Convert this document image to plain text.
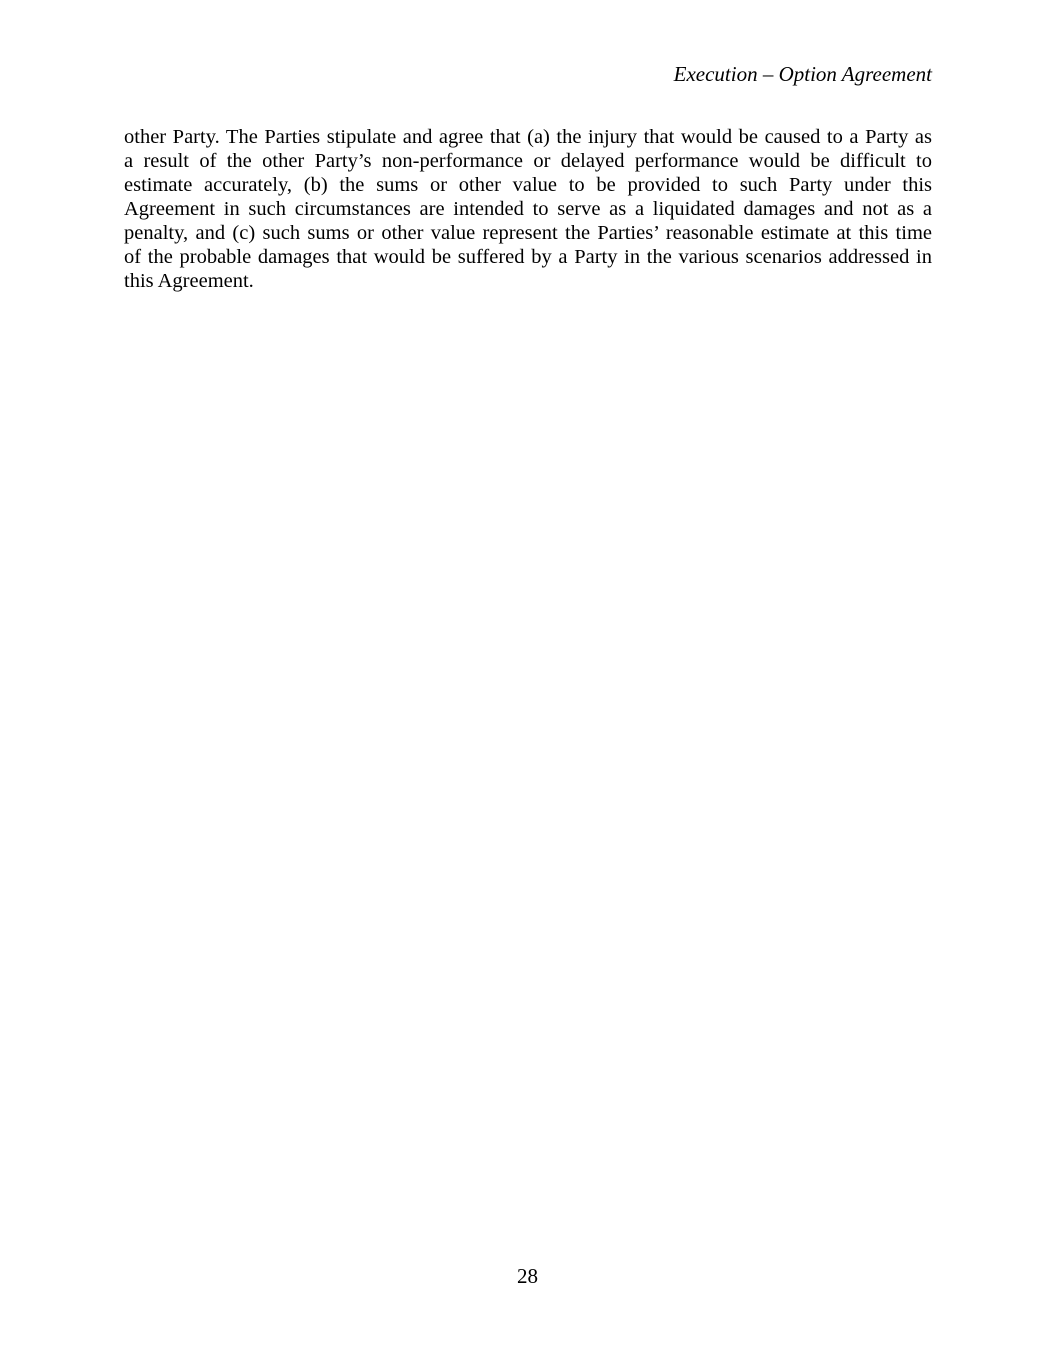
Execution – Option Agreement

other Party. The Parties stipulate and agree that (a) the injury that would be caused to a Party as
a result of the other Party’s non-performance or delayed performance would be difficult to
estimate accurately, (b) the sums or other value to be provided to such Party under this
Agreement in such circumstances are intended to serve as a liquidated damages and not as a
penalty, and (c) such sums or other value represent the Parties’ reasonable estimate at this time
of the probable damages that would be suffered by a Party in the various scenarios addressed in
this Agreement.

28
